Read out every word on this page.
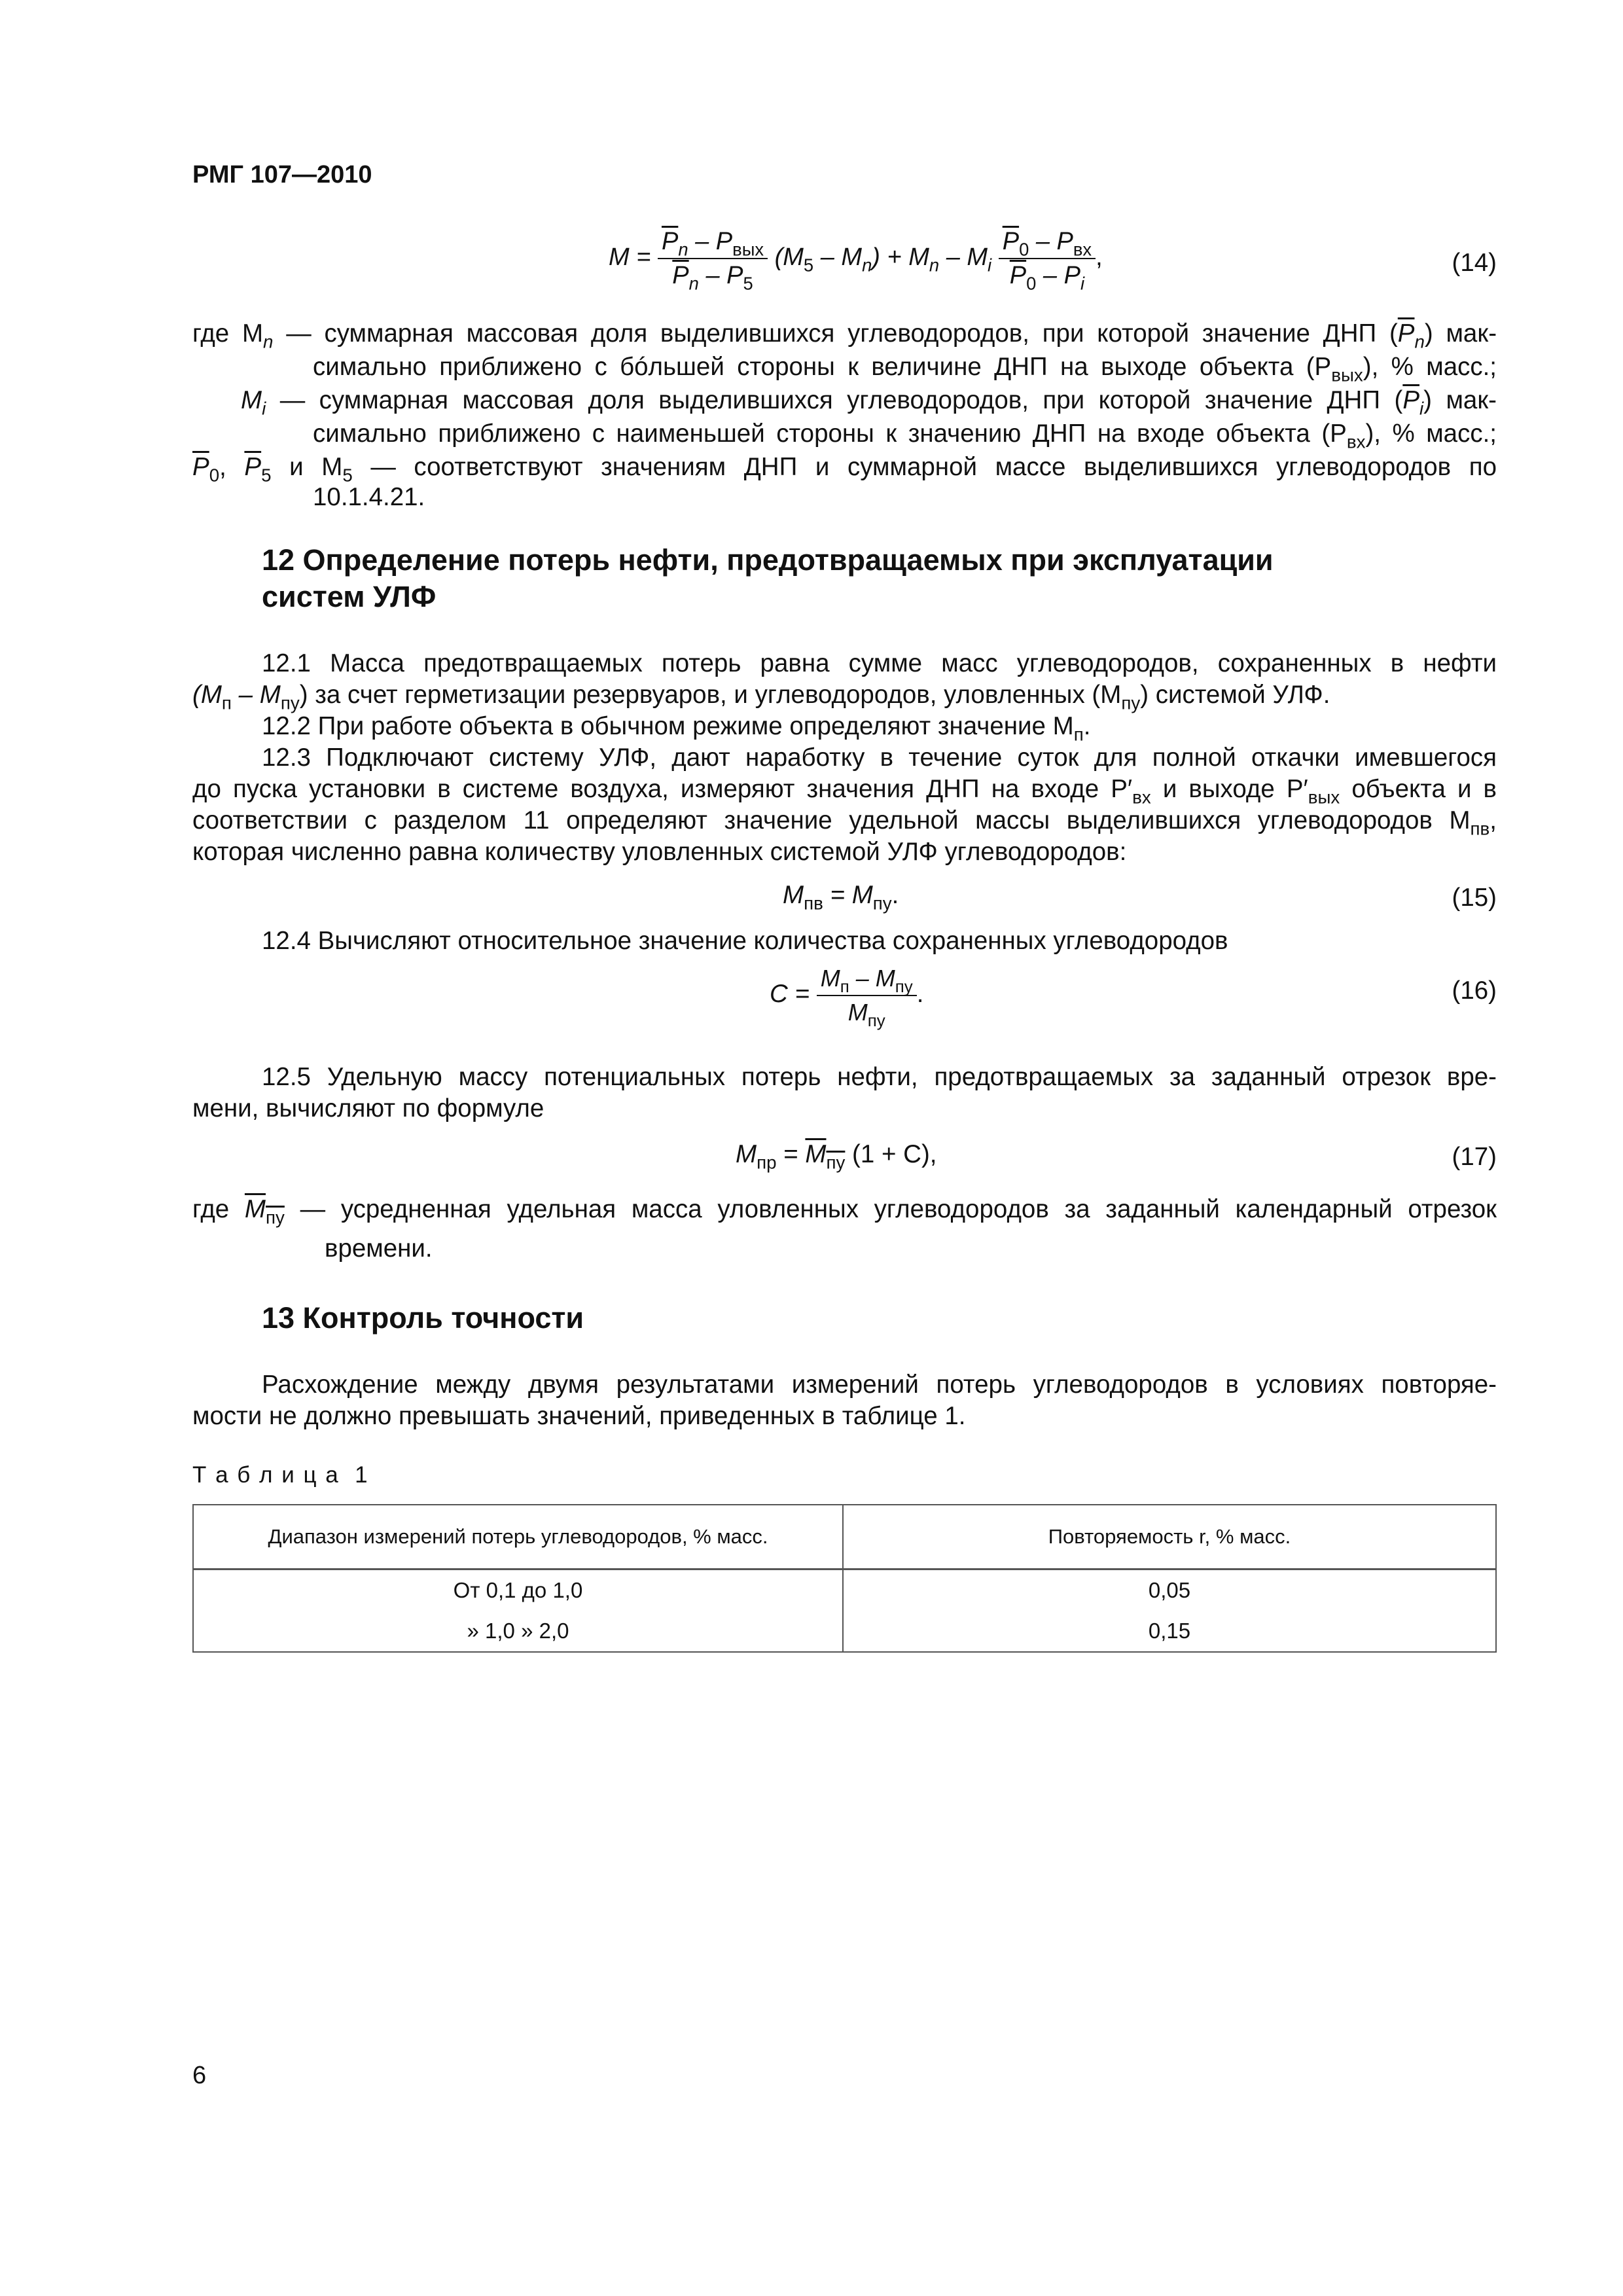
РМГ 107—2010
$M = \frac{\overline{P}_n - P_{вых}}{\overline{P}_n - P_5} (M_5 - M_n) + M_n - M_i \frac{\overline{P}_0 - P_{вх}}{\overline{P}_0 - P_i}$ ,	(14)
где $M_n$ — суммарная массовая доля выделившихся углеводородов, при которой значение ДНП $(\overline{P}_n)$ мак-
симально приближено с бóльшей стороны к величине ДНП на выходе объекта $(P_{вых})$, % масс.;
$M_i$ — суммарная массовая доля выделившихся углеводородов, при которой значение ДНП $(\overline{P}_i)$ мак-
симально приближено с наименьшей стороны к значению ДНП на входе объекта $(P_{вх})$, % масс.;
$\overline{P}_0$, $\overline{P}_5$ и $M_5$ — соответствуют значениям ДНП и суммарной массе выделившихся углеводородов по
10.1.4.21.
12 Определение потерь нефти, предотвращаемых при эксплуатации
систем УЛФ
12.1 Масса предотвращаемых потерь равна сумме масс углеводородов, сохраненных в нефти
$(M_п - M_{пу})$ за счет герметизации резервуаров, и углеводородов, уловленных $(M_{пу})$ системой УЛФ.
12.2 При работе объекта в обычном режиме определяют значение $M_п$.
12.3 Подключают систему УЛФ, дают наработку в течение суток для полной откачки имевшегося
до пуска установки в системе воздуха, измеряют значения ДНП на входе $P'_{вх}$ и выходе $P'_{вых}$ объекта и в
соответствии с разделом 11 определяют значение удельной массы выделившихся углеводородов $M_{пв}$,
которая численно равна количеству уловленных системой УЛФ углеводородов:
$M_{пв} = M_{пу}$.	(15)
12.4 Вычисляют относительное значение количества сохраненных углеводородов
$C = \frac{M_п - M_{пу}}{M_{пу}}$ .	(16)
12.5 Удельную массу потенциальных потерь нефти, предотвращаемых за заданный отрезок вре-
мени, вычисляют по формуле
$M_{пр} = M_{пу}$ (1 + C),	(17)
где $M_{пу}$ — усредненная удельная масса уловленных углеводородов за заданный календарный отрезок
времени.
13 Контроль точности
Расхождение между двумя результатами измерений потерь углеводородов в условиях повторяе-
мости не должно превышать значений, приведенных в таблице 1.
Т а б л и ц а  1
Диапазон измерений потерь углеводородов, % масс.	Повторяемость r, % масс.
От 0,1 до 1,0	0,05
» 1,0 » 2,0	0,15
6
